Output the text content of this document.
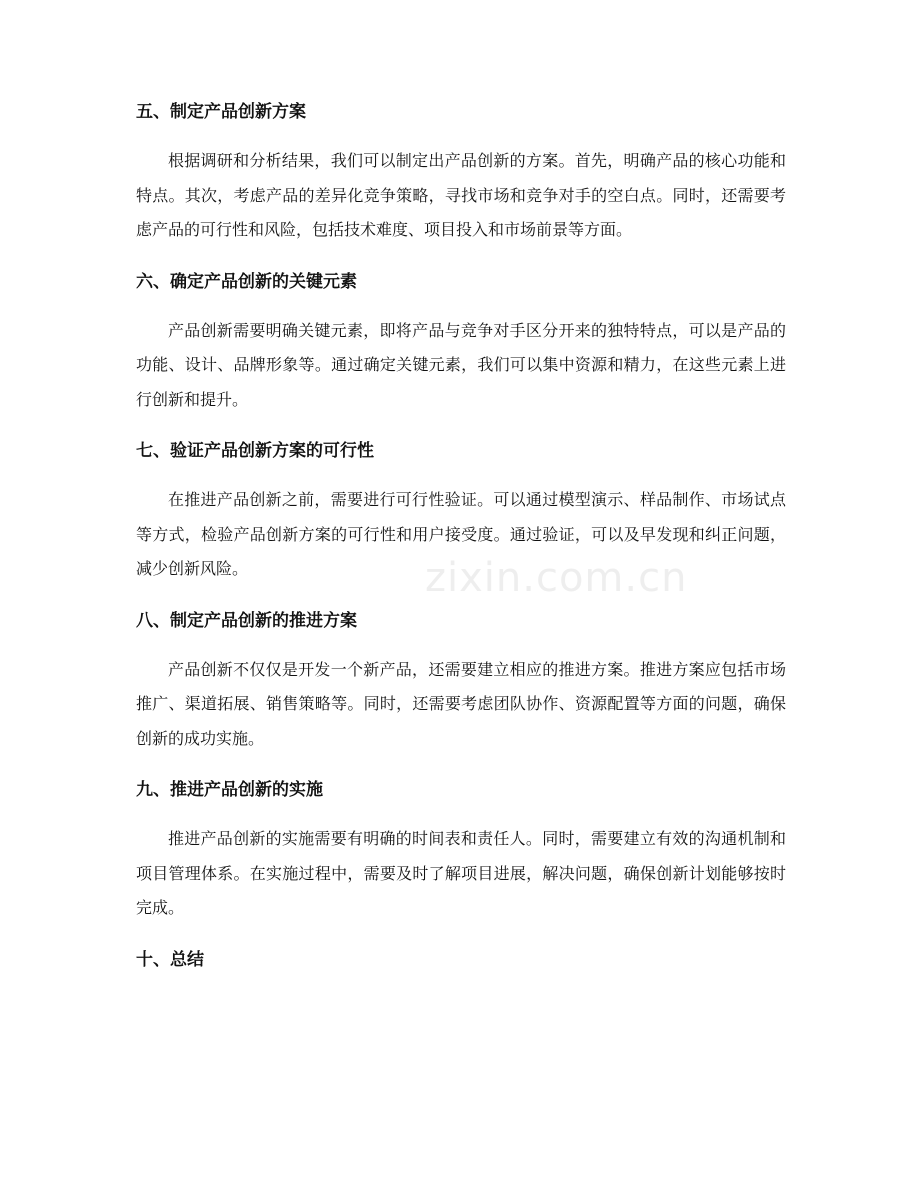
五、制定产品创新方案

根据调研和分析结果，我们可以制定出产品创新的方案。首先，明确产品的核心功能和特点。其次，考虑产品的差异化竞争策略，寻找市场和竞争对手的空白点。同时，还需要考虑产品的可行性和风险，包括技术难度、项目投入和市场前景等方面。

六、确定产品创新的关键元素

产品创新需要明确关键元素，即将产品与竞争对手区分开来的独特特点，可以是产品的功能、设计、品牌形象等。通过确定关键元素，我们可以集中资源和精力，在这些元素上进行创新和提升。

七、验证产品创新方案的可行性

在推进产品创新之前，需要进行可行性验证。可以通过模型演示、样品制作、市场试点等方式，检验产品创新方案的可行性和用户接受度。通过验证，可以及早发现和纠正问题，减少创新风险。

八、制定产品创新的推进方案

产品创新不仅仅是开发一个新产品，还需要建立相应的推进方案。推进方案应包括市场推广、渠道拓展、销售策略等。同时，还需要考虑团队协作、资源配置等方面的问题，确保创新的成功实施。

九、推进产品创新的实施

推进产品创新的实施需要有明确的时间表和责任人。同时，需要建立有效的沟通机制和项目管理体系。在实施过程中，需要及时了解项目进展，解决问题，确保创新计划能够按时完成。

十、总结
zixin.com.cn
